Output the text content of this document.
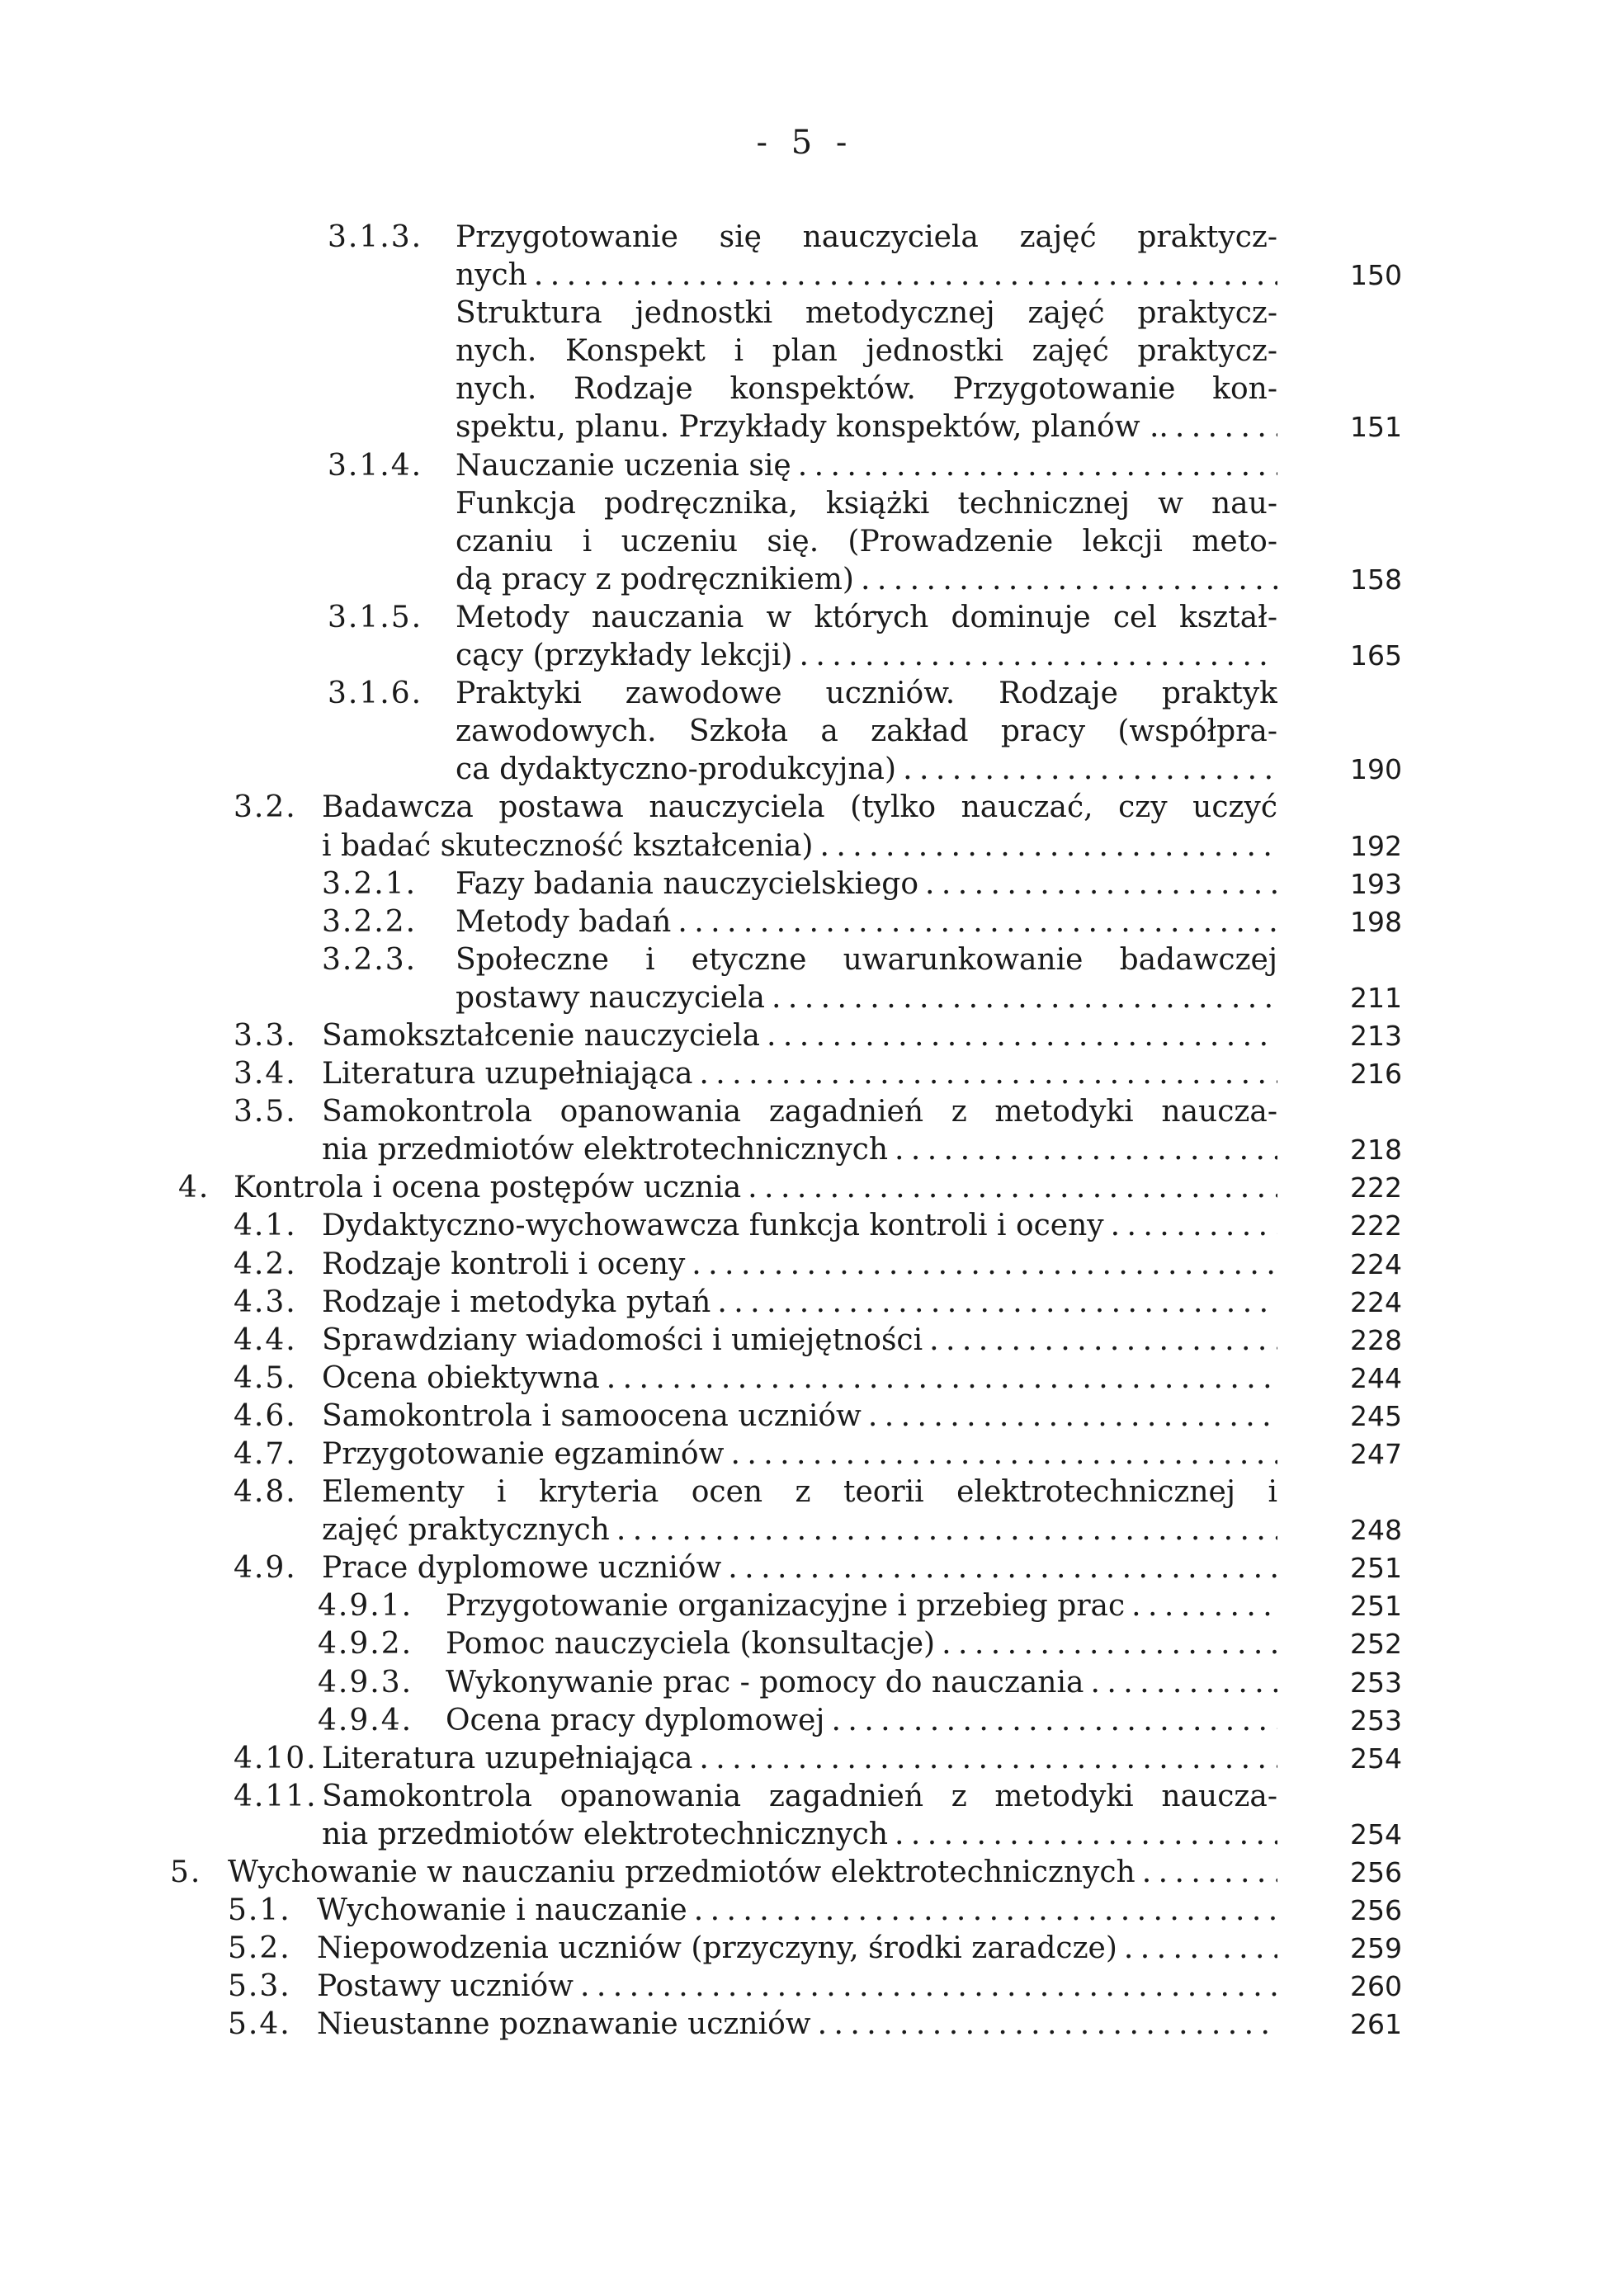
- 5 -
3.1.3. Przygotowanie się nauczyciela zajęć praktycz-
nych . . .	150
Struktura jednostki metodycznej zajęć praktycz-
nych. Konspekt i plan jednostki zajęć praktycz-
nych. Rodzaje konspektów. Przygotowanie kon-
spektu, planu. Przykłady konspektów, planów .. . . .	151
3.1.4. Nauczanie uczenia się
. . .
Funkcja podręcznika, książki technicznej w nau-
czaniu i uczeniu się. (Prowadzenie lekcji meto-
dą pracy z podręcznikiem) . . .	158
3.1.5. Metody nauczania w których dominuje cel kształ-
cący (przykłady lekcji) . . .	165
3.1.6. Praktyki zawodowe uczniów. Rodzaje praktyk
zawodowych. Szkoła a zakład pracy (współpra-
ca dydaktyczno-produkcyjna) . . .	190
3.2. Badawcza postawa nauczyciela (tylko nauczać, czy uczyć
i badać skuteczność kształcenia) . . .	192
3.2.1. Fazy badania nauczycielskiego . . .	193
3.2.2. Metody badań . . .	198
3.2.3. Społeczne i etyczne uwarunkowanie badawczej
postawy nauczyciela . . .	211
3.3. Samokształcenie nauczyciela . . .	213
3.4. Literatura uzupełniająca . . .	216
3.5. Samokontrola opanowania zagadnień z metodyki naucza-
nia przedmiotów elektrotechnicznych . . .	218
4. Kontrola i ocena postępów ucznia . . .	222
4.1. Dydaktyczno-wychowawcza funkcja kontroli i oceny . . .	222
4.2. Rodzaje kontroli i oceny . . .	224
4.3. Rodzaje i metodyka pytań . . .	224
4.4. Sprawdziany wiadomości i umiejętności . . .	228
4.5. Ocena obiektywna . . .	244
4.6. Samokontrola i samoocena uczniów . . .	245
4.7. Przygotowanie egzaminów . . .	247
4.8. Elementy i kryteria ocen z teorii elektrotechnicznej i
zajęć praktycznych . . .	248
4.9. Prace dyplomowe uczniów . . .	251
4.9.1. Przygotowanie organizacyjne i przebieg prac . . .	251
4.9.2. Pomoc nauczyciela (konsultacje) . . .	252
4.9.3. Wykonywanie prac - pomocy do nauczania . . .	253
4.9.4. Ocena pracy dyplomowej . . .	253
4.10. Literatura uzupełniająca . . .	254
4.11. Samokontrola opanowania zagadnień z metodyki naucza-
nia przedmiotów elektrotechnicznych . . .	254
5. Wychowanie w nauczaniu przedmiotów elektrotechnicznych . . .	256
5.1. Wychowanie i nauczanie . . .	256
5.2. Niepowodzenia uczniów (przyczyny, środki zaradcze) . . .	259
5.3. Postawy uczniów . . .	260
5.4. Nieustanne poznawanie uczniów . . .	261
